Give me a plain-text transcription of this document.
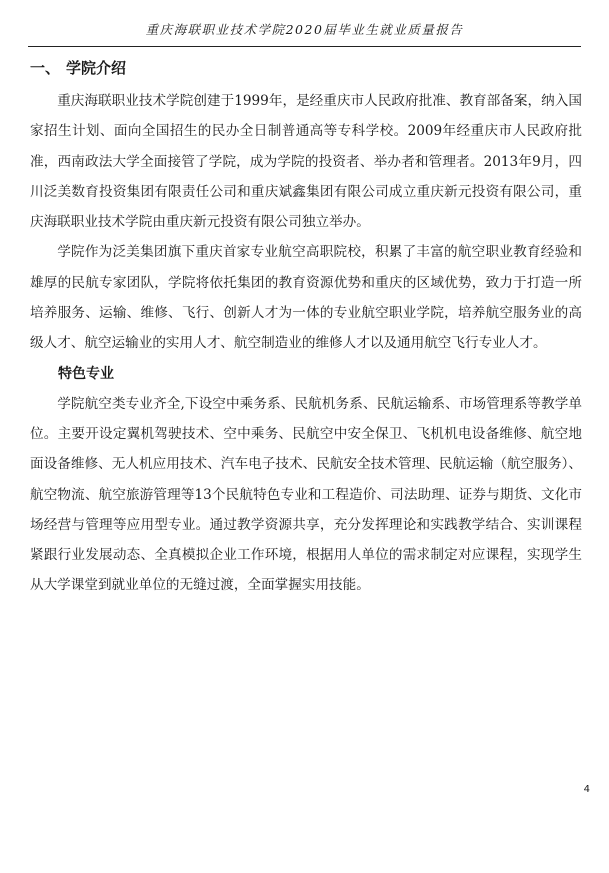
重庆海联职业技术学院2020届毕业生就业质量报告
一、 学院介绍

重庆海联职业技术学院创建于1999年，是经重庆市人民政府批准、教育部备案，纳入国家招生计划、面向全国招生的民办全日制普通高等专科学校。2009年经重庆市人民政府批准，西南政法大学全面接管了学院，成为学院的投资者、举办者和管理者。2013年9月，四川泛美数育投资集团有限责任公司和重庆斌鑫集团有限公司成立重庆新元投资有限公司，重庆海联职业技术学院由重庆新元投资有限公司独立举办。

学院作为泛美集团旗下重庆首家专业航空高职院校，积累了丰富的航空职业教育经验和雄厚的民航专家团队，学院将依托集团的教育资源优势和重庆的区域优势，致力于打造一所培养服务、运输、维修、飞行、创新人才为一体的专业航空职业学院，培养航空服务业的高级人才、航空运输业的实用人才、航空制造业的维修人才以及通用航空飞行专业人才。

特色专业

学院航空类专业齐全,下设空中乘务系、民航机务系、民航运输系、市场管理系等教学单位。主要开设定翼机驾驶技术、空中乘务、民航空中安全保卫、飞机机电设备维修、航空地面设备维修、无人机应用技术、汽车电子技术、民航安全技术管理、民航运输（航空服务）、航空物流、航空旅游管理等13个民航特色专业和工程造价、司法助理、证券与期货、文化市场经营与管理等应用型专业。通过教学资源共享，充分发挥理论和实践教学结合、实训课程紧跟行业发展动态、全真模拟企业工作环境，根据用人单位的需求制定对应课程，实现学生从大学课堂到就业单位的无缝过渡，全面掌握实用技能。

4
